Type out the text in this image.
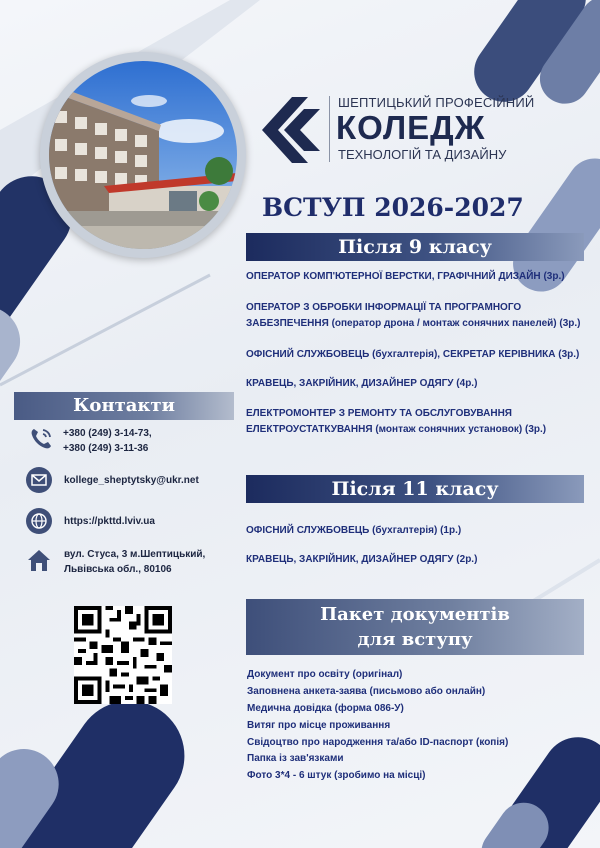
ШЕПТИЦЬКИЙ ПРОФЕСІЙНИЙ
КОЛЕДЖ
ТЕХНОЛОГІЙ ТА ДИЗАЙНУ
ВСТУП 2026-2027
Після 9 класу
ОПЕРАТОР КОМП'ЮТЕРНОЇ ВЕРСТКИ, ГРАФІЧНИЙ ДИЗАЙН (3р.)
ОПЕРАТОР З ОБРОБКИ ІНФОРМАЦІЇ ТА ПРОГРАМНОГО ЗАБЕЗПЕЧЕННЯ (оператор дрона / монтаж сонячних панелей) (3р.)
ОФІСНИЙ СЛУЖБОВЕЦЬ (бухгалтерія), СЕКРЕТАР КЕРІВНИКА (3р.)
КРАВЕЦЬ, ЗАКРІЙНИК, ДИЗАЙНЕР ОДЯГУ (4р.)
ЕЛЕКТРОМОНТЕР З РЕМОНТУ ТА ОБСЛУГОВУВАННЯ ЕЛЕКТРОУСТАТКУВАННЯ (монтаж сонячних установок) (3р.)
Після 11 класу
ОФІСНИЙ СЛУЖБОВЕЦЬ (бухгалтерія) (1р.)
КРАВЕЦЬ, ЗАКРІЙНИК, ДИЗАЙНЕР ОДЯГУ (2р.)
Пакет документів
для вступу
Документ про освіту (оригінал)
Заповнена анкета-заява (письмово або онлайн)
Медична довідка (форма 086-У)
Витяг про місце проживання
Свідоцтво про народження та/або ID-паспорт (копія)
Папка із зав'язками
Фото 3*4 - 6 штук (зробимо на місці)
Контакти
+380 (249) 3-14-73,
+380 (249) 3-11-36
kollege_sheptytsky@ukr.net
https://pkttd.lviv.ua
вул. Стуса, 3 м.Шептицький,
Львівська обл., 80106
